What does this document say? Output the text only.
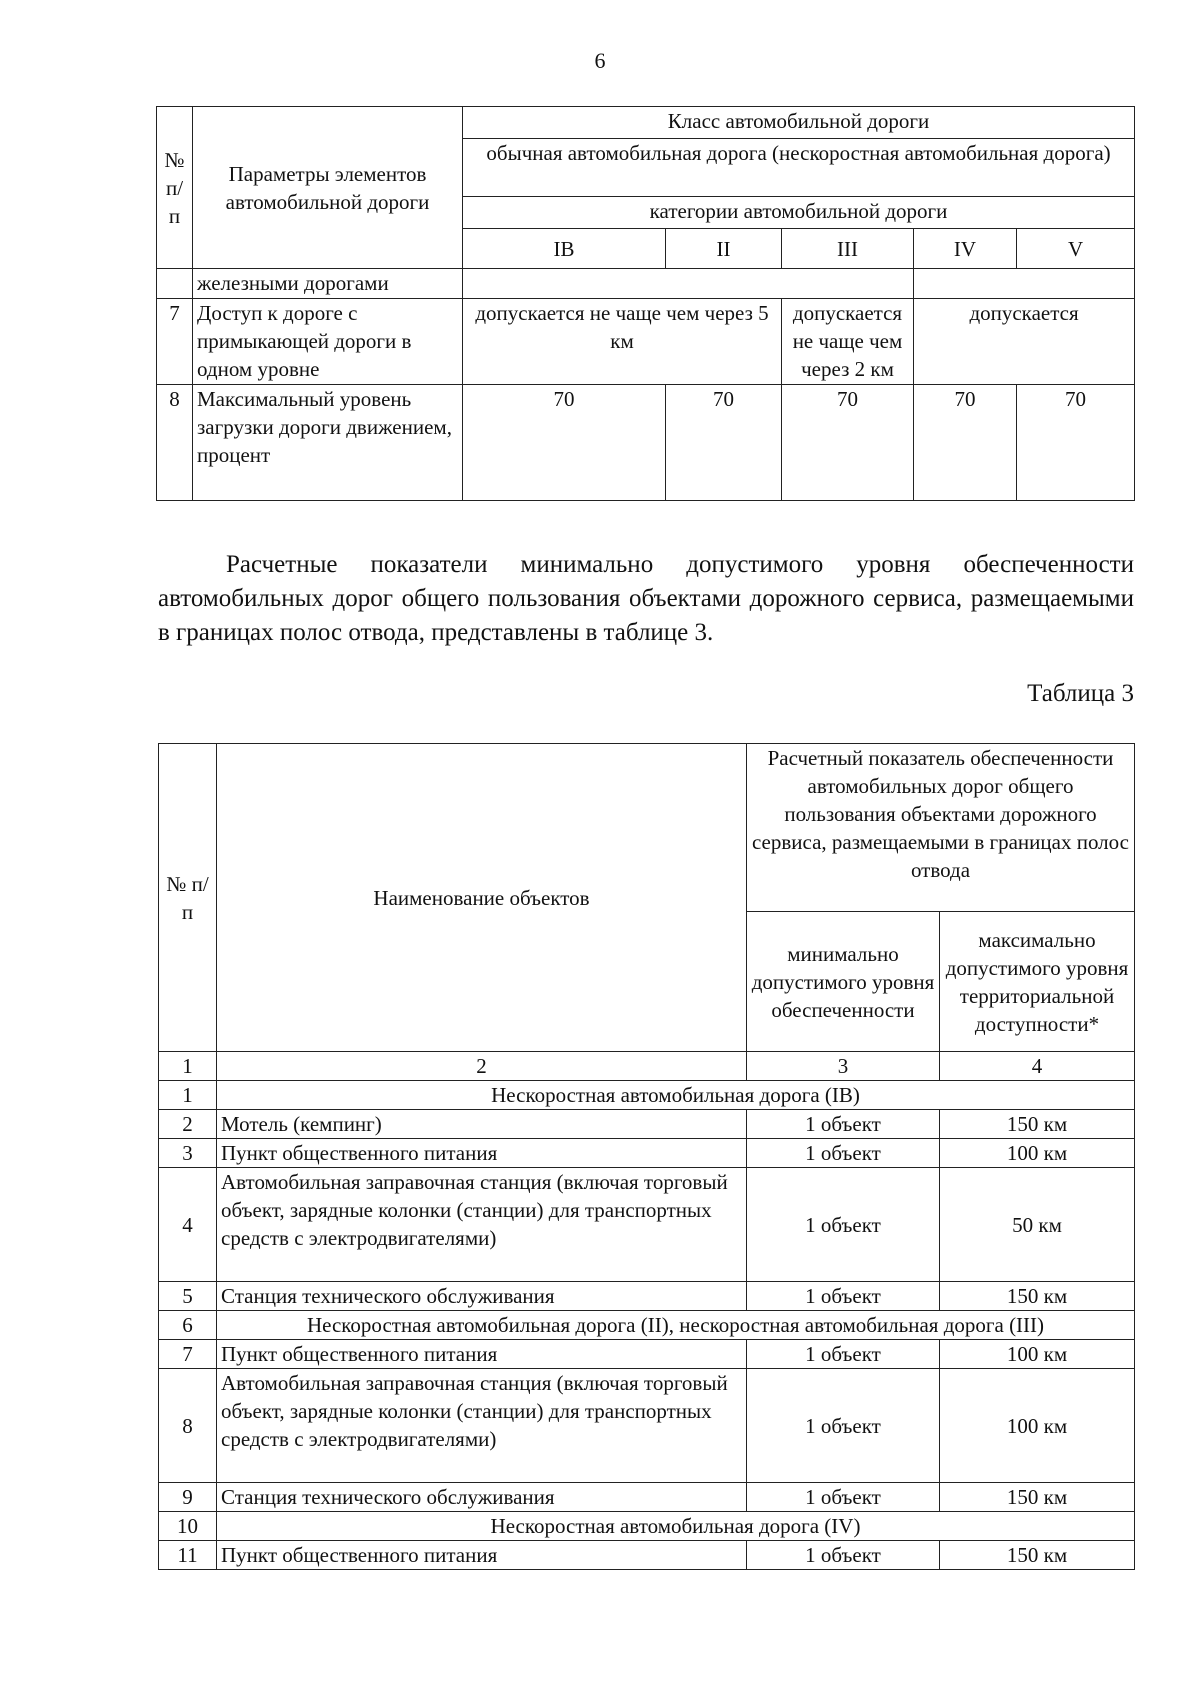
6
№ п/п	Параметры элементов автомобильной дороги	Класс автомобильной дороги				
		обычная автомобильная дорога (нескоростная автомобильная дорога)				
		категории автомобильной дороги				
		IB	II	III	IV	V
	железными дорогами					
7	Доступ к дороге с примыкающей дороги в одном уровне	допускается не чаще чем через 5 км		допускается не чаще чем через 2 км	допускается	
8	Максимальный уровень загрузки дороги движением, процент	70	70	70	70	70
Расчетные показатели минимально допустимого уровня обеспеченности автомобильных дорог общего пользования объектами дорожного сервиса, размещаемыми в границах полос отвода, представлены в таблице 3.
Таблица 3
№ п/п	Наименование объектов	Расчетный показатель обеспеченности автомобильных дорог общего пользования объектами дорожного сервиса, размещаемыми в границах полос отвода	
		минимально допустимого уровня обеспеченности	максимально допустимого уровня территориальной доступности*
1	2	3	4
1	Нескоростная автомобильная дорога (IB)		
2	Мотель (кемпинг)	1 объект	150 км
3	Пункт общественного питания	1 объект	100 км
4	Автомобильная заправочная станция (включая торговый объект, зарядные колонки (станции) для транспортных средств с электродвигателями)	1 объект	50 км
5	Станция технического обслуживания	1 объект	150 км
6	Нескоростная автомобильная дорога (II), нескоростная автомобильная дорога (III)		
7	Пункт общественного питания	1 объект	100 км
8	Автомобильная заправочная станция (включая торговый объект, зарядные колонки (станции) для транспортных средств с электродвигателями)	1 объект	100 км
9	Станция технического обслуживания	1 объект	150 км
10	Нескоростная автомобильная дорога (IV)		
11	Пункт общественного питания	1 объект	150 км
